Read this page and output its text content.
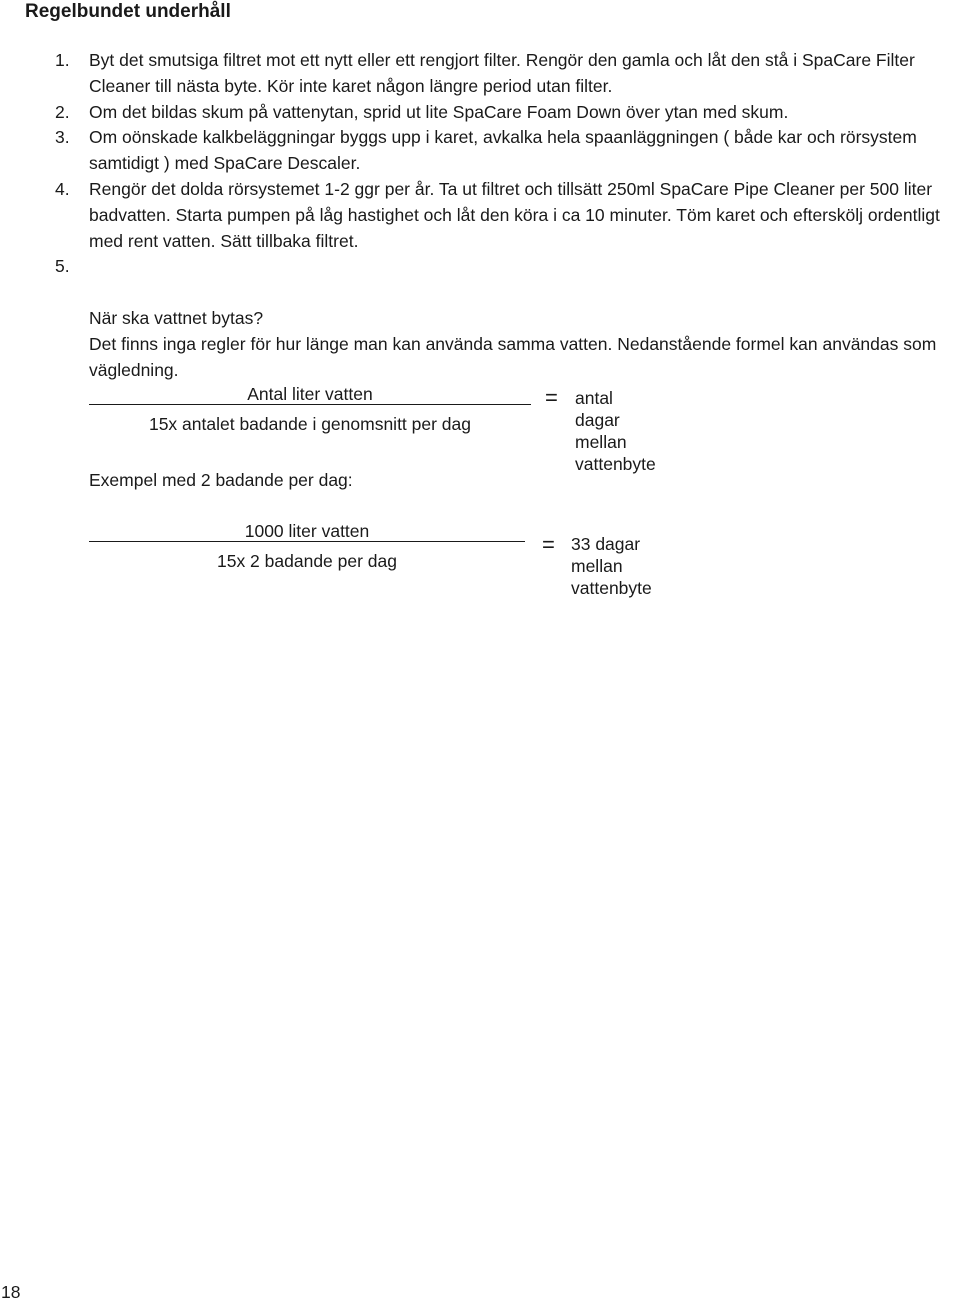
Regelbundet underhåll
1. Byt det smutsiga filtret mot ett nytt eller ett rengjort filter. Rengör den gamla och låt den stå i SpaCare Filter Cleaner till nästa byte. Kör inte karet någon längre period utan filter.
2. Om det bildas skum på vattenytan, sprid ut lite SpaCare Foam Down över ytan med skum.
3. Om oönskade kalkbeläggningar byggs upp i karet, avkalka hela spaanläggningen ( både kar och rörsystem samtidigt ) med SpaCare Descaler.
4. Rengör det dolda rörsystemet 1-2 ggr per år. Ta ut filtret och tillsätt 250ml SpaCare Pipe Cleaner per 500 liter badvatten. Starta pumpen på låg hastighet och låt den köra i ca 10 minuter. Töm karet och efterskölj ordentligt med rent vatten. Sätt tillbaka filtret.

5.

När ska vattnet bytas?
Det finns inga regler för hur länge man kan använda samma vatten. Nedanstående formel kan användas som vägledning.

Antal liter vatten
15x antalet badande i genomsnitt per dag
= antal dagar mellan vattenbyte
Exempel med 2 badande per dag:
1000 liter vatten
15x 2 badande per dag
= 33 dagar mellan vattenbyte
18
